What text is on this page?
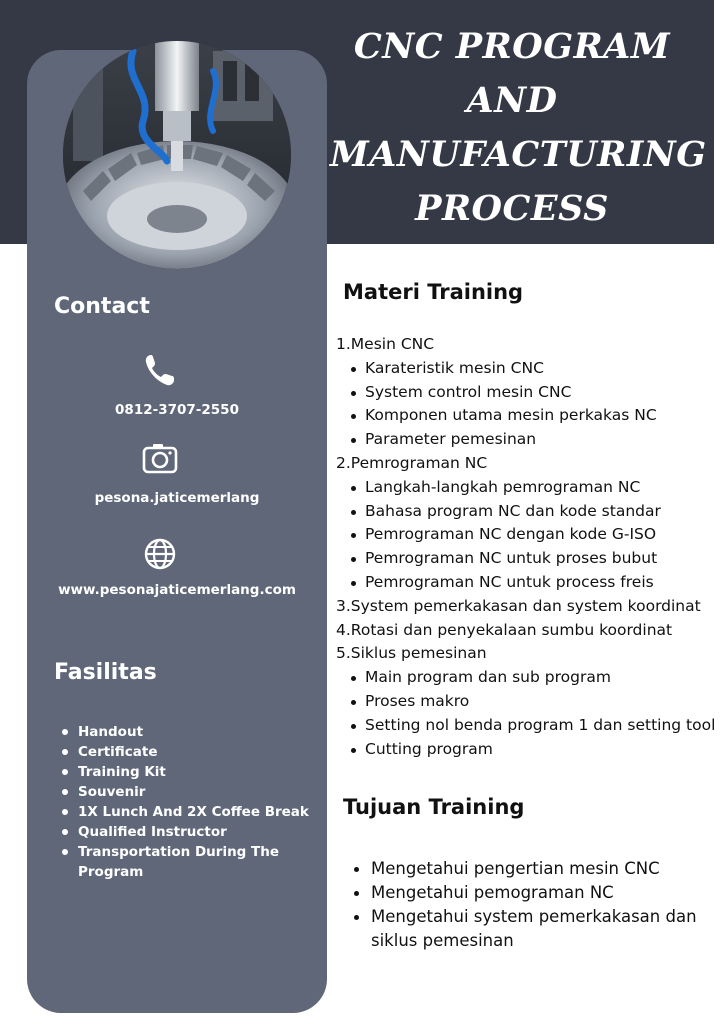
CNC PROGRAM
AND
MANUFACTURING
PROCESS
Contact
0812-3707-2550
pesona.jaticemerlang
www.pesonajaticemerlang.com
Fasilitas
Handout
Certificate
Training Kit
Souvenir
1X Lunch And 2X Coffee Break
Qualified Instructor
Transportation During The Program
Materi Training
1.Mesin CNC
Karateristik mesin CNC
System control mesin CNC
Komponen utama mesin perkakas NC
Parameter pemesinan
2.Pemrograman NC
Langkah-langkah pemrograman NC
Bahasa program NC dan kode standar
Pemrograman NC dengan kode G-ISO
Pemrograman NC untuk proses bubut
Pemrograman NC untuk process freis
3.System pemerkakasan dan system koordinat
4.Rotasi dan penyekalaan sumbu koordinat
5.Siklus pemesinan
Main program dan sub program
Proses makro
Setting nol benda program 1 dan setting tool
Cutting program
Tujuan Training
Mengetahui pengertian mesin CNC
Mengetahui pemograman NC
Mengetahui system pemerkakasan dan siklus pemesinan
